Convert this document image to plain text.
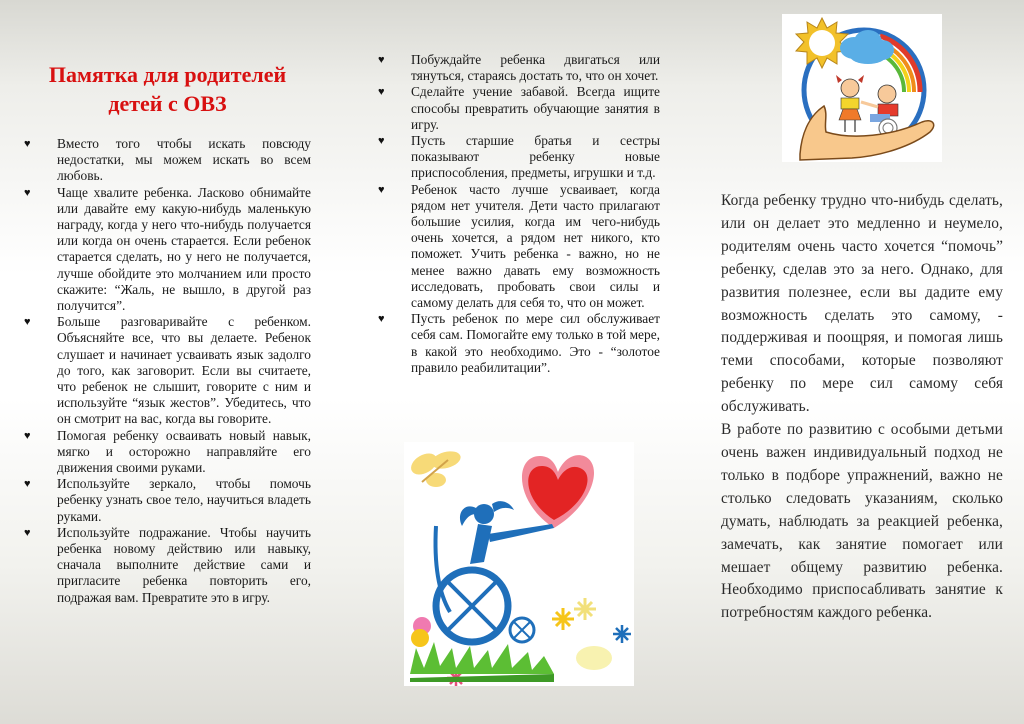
Памятка для родителей
детей с ОВЗ
♥ Вместо того чтобы искать повсюду недостатки, мы можем искать во всем любовь.
♥ Чаще хвалите ребенка. Ласково обнимайте или давайте ему какую-нибудь маленькую награду, когда у него что-нибудь получается или когда он очень старается. Если ребенок старается сделать, но у него не получается, лучше обойдите это молчанием или просто скажите: “Жаль, не вышло, в другой раз получится”.
♥ Больше разговаривайте с ребенком. Объясняйте все, что вы делаете. Ребенок слушает и начинает усваивать язык задолго до того, как заговорит. Если вы считаете, что ребенок не слышит, говорите с ним и используйте “язык жестов”. Убедитесь, что он смотрит на вас, когда вы говорите.
♥ Помогая ребенку осваивать новый навык, мягко и осторожно направляйте его движения своими руками.
♥ Используйте зеркало, чтобы помочь ребенку узнать свое тело, научиться владеть руками.
♥ Используйте подражание. Чтобы научить ребенка новому действию или навыку, сначала выполните действие сами и пригласите ребенка повторить его, подражая вам. Превратите это в игру.
♥ Побуждайте ребенка двигаться или тянуться, стараясь достать то, что он хочет.
♥ Сделайте учение забавой. Всегда ищите способы превратить обучающие занятия в игру.
♥ Пусть старшие братья и сестры показывают ребенку новые приспособления, предметы, игрушки и т.д.
♥ Ребенок часто лучше усваивает, когда рядом нет учителя. Дети часто прилагают большие усилия, когда им чего-нибудь очень хочется, а рядом нет никого, кто поможет. Учить ребенка - важно, но не менее важно давать ему возможность исследовать, пробовать свои силы и самому делать для себя то, что он может.
♥ Пусть ребенок по мере сил обслуживает себя сам. Помогайте ему только в той мере, в какой это необходимо. Это - “золотое правило реабилитации”.
Когда ребенку трудно что-нибудь сделать, или он делает это медленно и неумело, родителям очень часто хочется “помочь” ребенку, сделав это за него. Однако, для развития полезнее, если вы дадите ему возможность сделать это самому, - поддерживая и поощряя, и помогая лишь теми способами, которые позволяют ребенку по мере сил самому себя обслуживать.
В работе по развитию с особыми детьми очень важен индивидуальный подход не только в подборе упражнений, важно не столько следовать указаниям, сколько думать, наблюдать за реакцией ребенка, замечать, как занятие помогает или мешает общему развитию ребенка. Необходимо приспосабливать занятие к потребностям каждого ребенка.
